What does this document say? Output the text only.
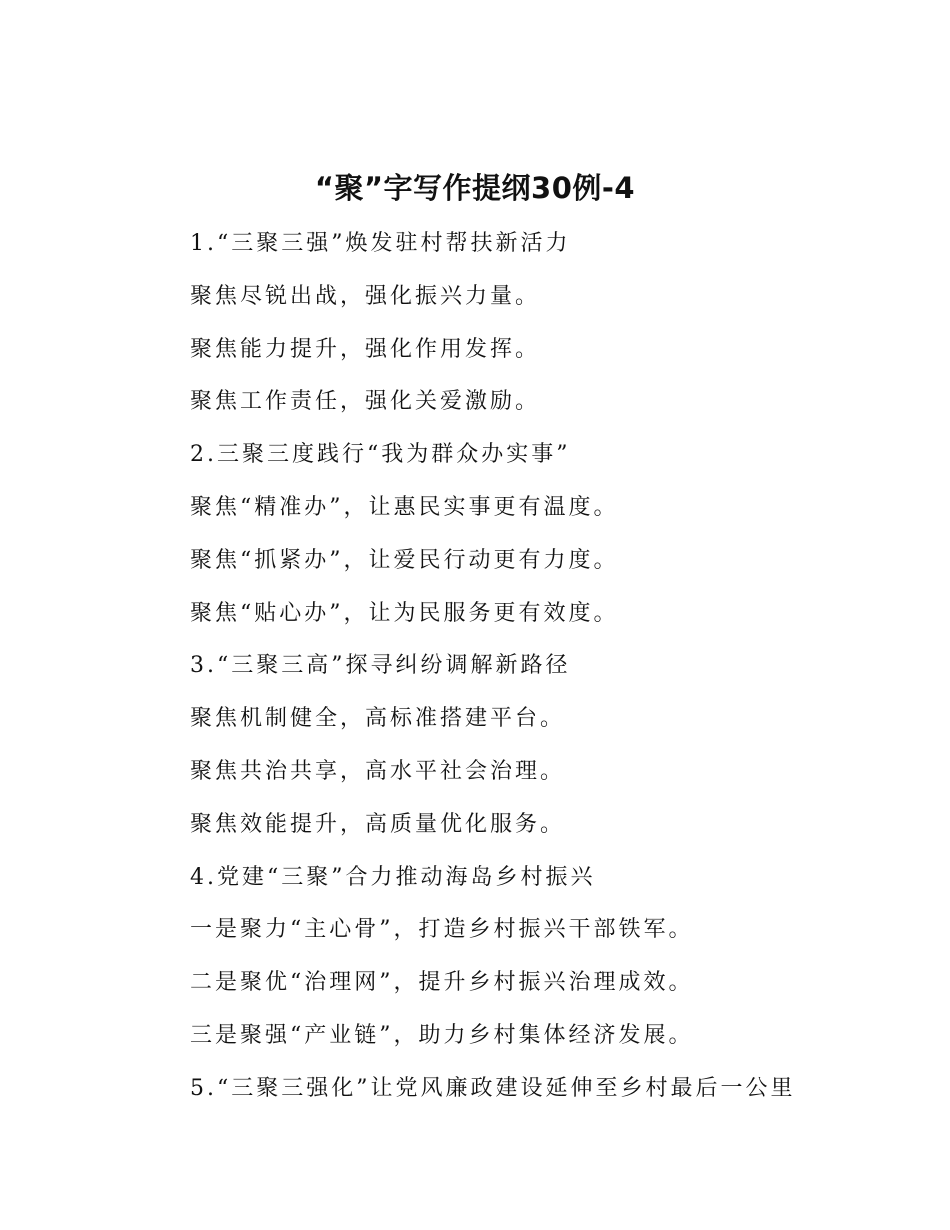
“聚”字写作提纲30例-4
1.“三聚三强”焕发驻村帮扶新活力
聚焦尽锐出战，强化振兴力量。
聚焦能力提升，强化作用发挥。
聚焦工作责任，强化关爱激励。
2.三聚三度践行“我为群众办实事”
聚焦“精准办”，让惠民实事更有温度。
聚焦“抓紧办”，让爱民行动更有力度。
聚焦“贴心办”，让为民服务更有效度。
3.“三聚三高”探寻纠纷调解新路径
聚焦机制健全，高标准搭建平台。
聚焦共治共享，高水平社会治理。
聚焦效能提升，高质量优化服务。
4.党建“三聚”合力推动海岛乡村振兴
一是聚力“主心骨”，打造乡村振兴干部铁军。
二是聚优“治理网”，提升乡村振兴治理成效。
三是聚强“产业链”，助力乡村集体经济发展。
5.“三聚三强化”让党风廉政建设延伸至乡村最后一公里
